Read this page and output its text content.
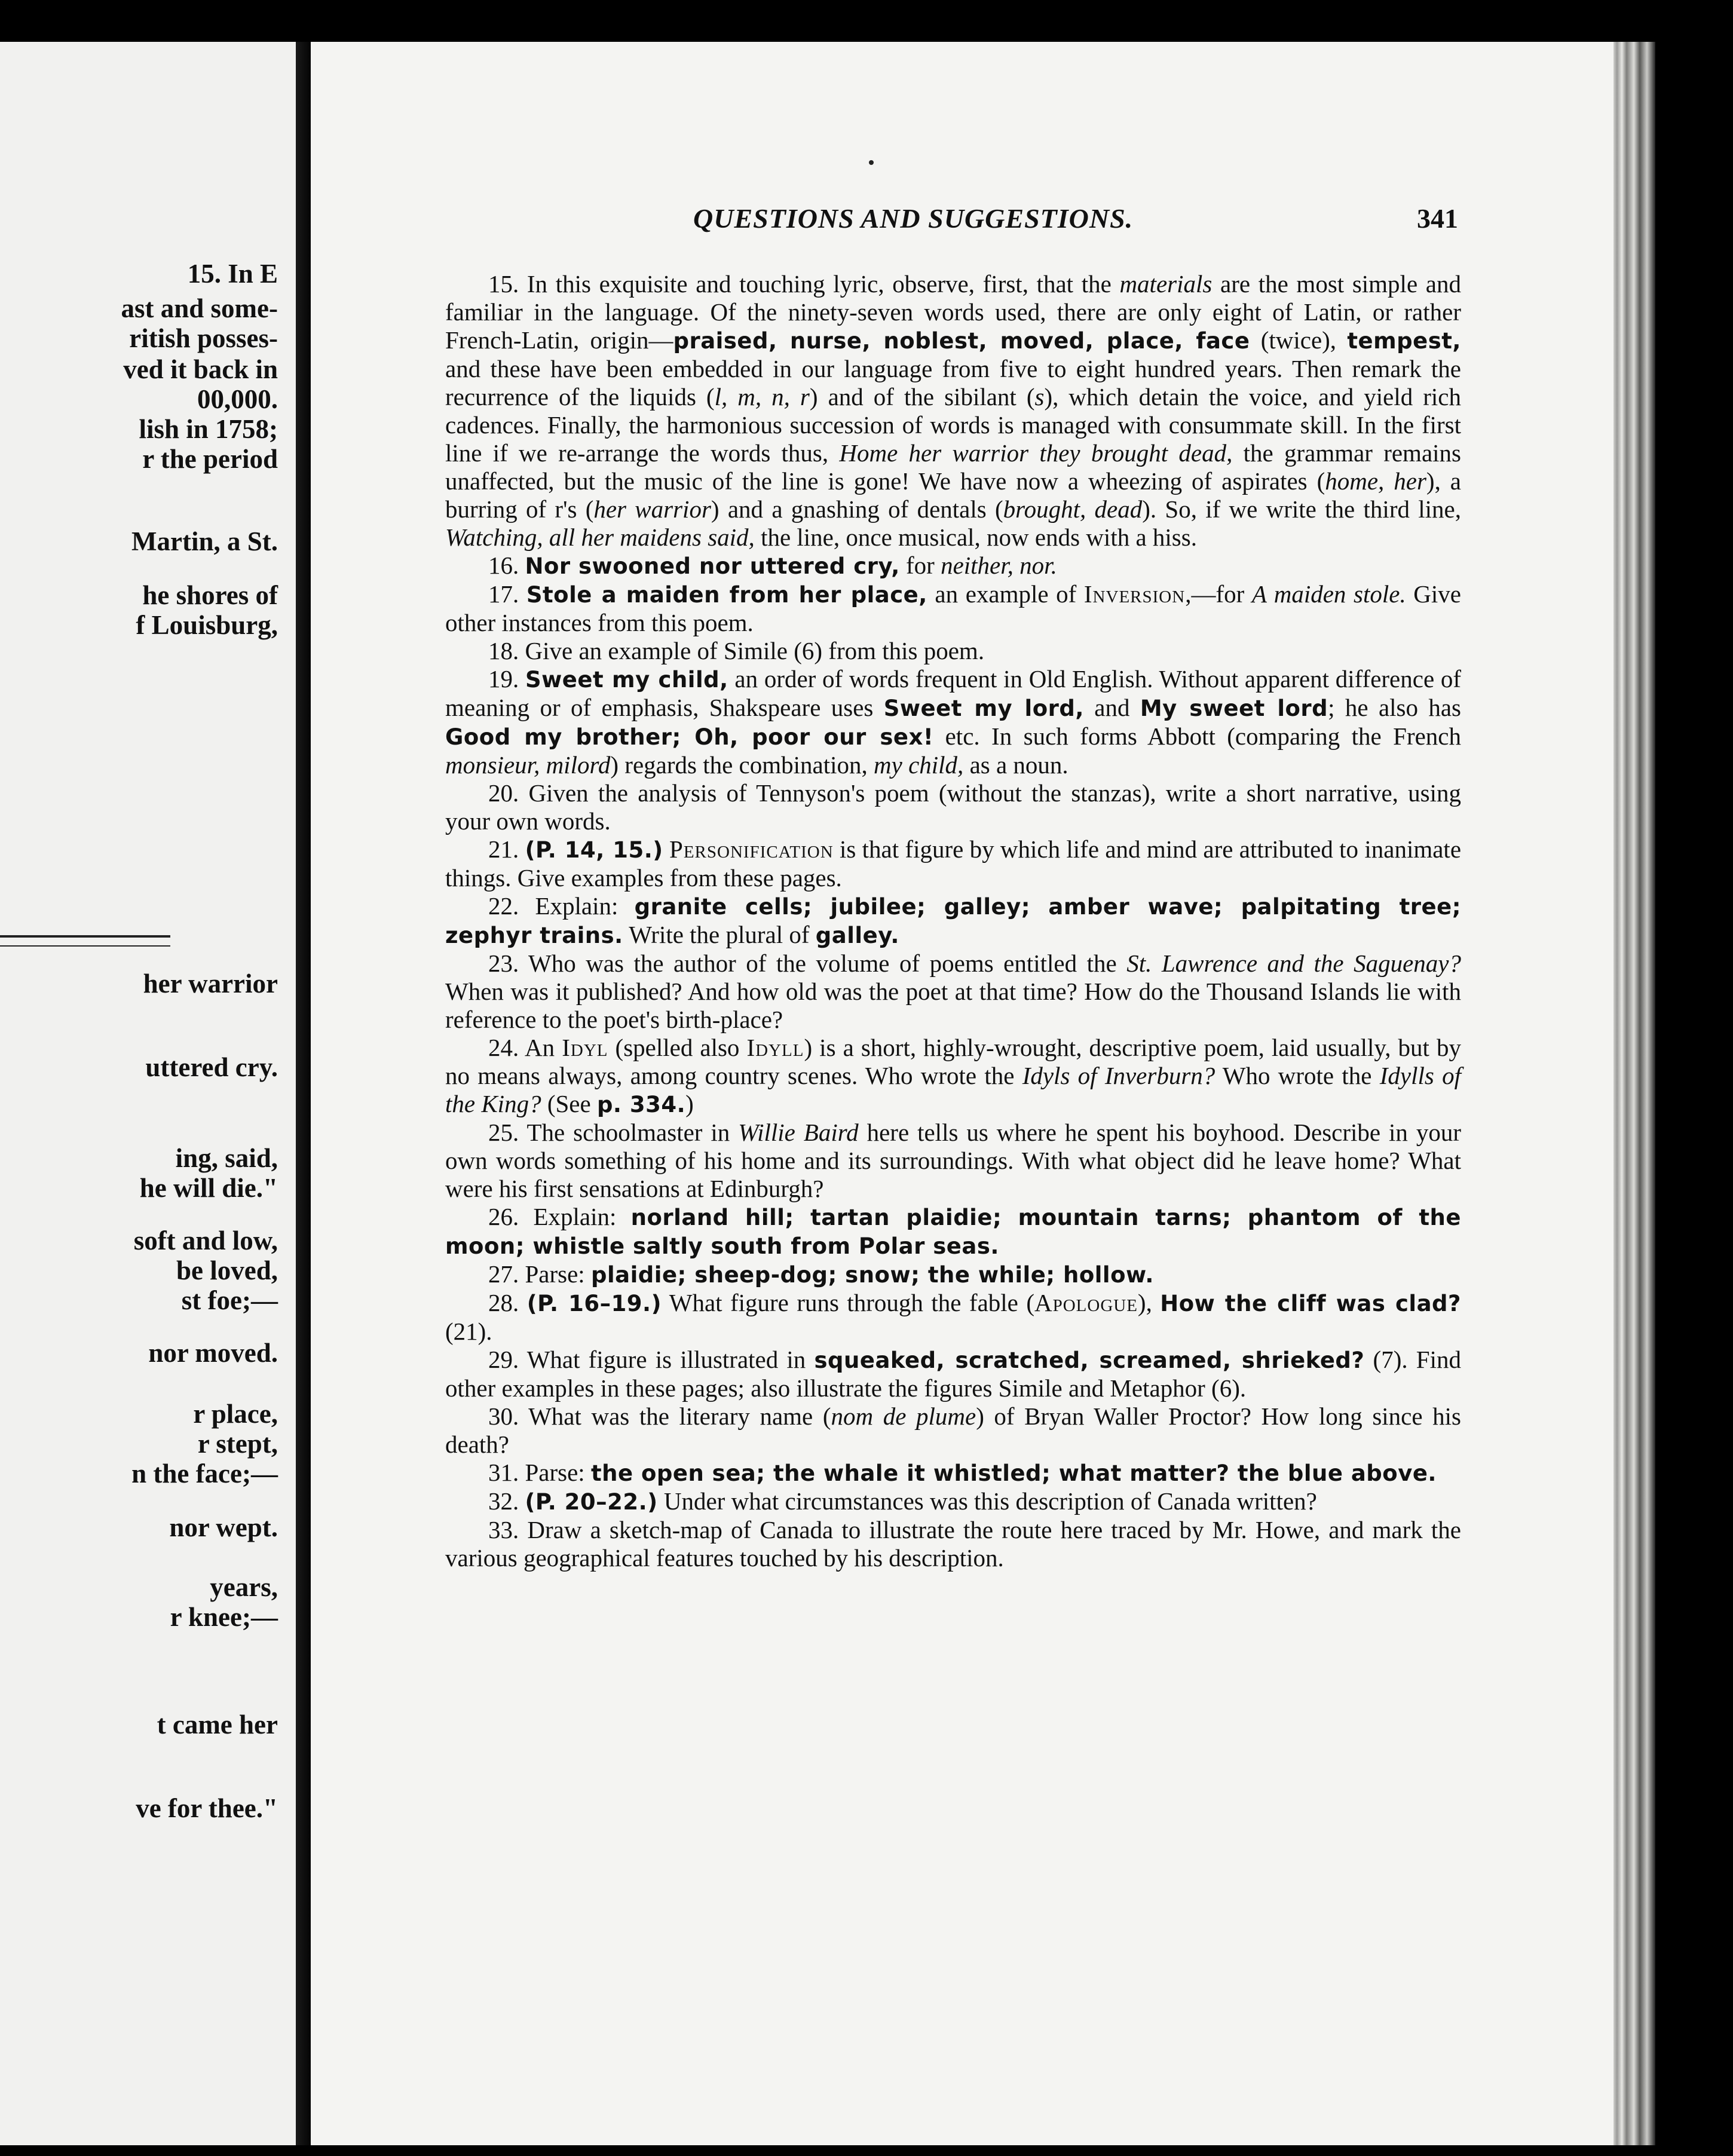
15. In E
ast and some-
ritish posses-
ved it back in
00,000.
lish in 1758;
r the period
Martin, a St.
he shores of
f Louisburg,
her warrior
uttered cry.
ing, said,
he will die."
soft and low,
be loved,
st foe;—
nor moved.
r place,
r stept,
n the face;—
nor wept.
years,
r knee;—
t came her
ve for thee."
QUESTIONS AND SUGGESTIONS.	341

15. In this exquisite and touching lyric, observe, first, that the materials are the most simple and familiar in the language. Of the ninety-seven words used, there are only eight of Latin, or rather French-Latin, origin—praised, nurse, noblest, moved, place, face (twice), tempest, and these have been embedded in our language from five to eight hundred years. Then remark the recurrence of the liquids (l, m, n, r) and of the sibilant (s), which detain the voice, and yield rich cadences. Finally, the harmonious succession of words is managed with consummate skill. In the first line if we re-arrange the words thus, Home her warrior they brought dead, the grammar remains unaffected, but the music of the line is gone! We have now a wheezing of aspirates (home, her), a burring of r's (her warrior) and a gnashing of dentals (brought, dead). So, if we write the third line, Watching, all her maidens said, the line, once musical, now ends with a hiss.

16. Nor swooned nor uttered cry, for neither, nor.

17. Stole a maiden from her place, an example of Inversion,—for A maiden stole. Give other instances from this poem.

18. Give an example of Simile (6) from this poem.

19. Sweet my child, an order of words frequent in Old English. Without apparent difference of meaning or of emphasis, Shakspeare uses Sweet my lord, and My sweet lord; he also has Good my brother; Oh, poor our sex! etc. In such forms Abbott (comparing the French monsieur, milord) regards the combination, my child, as a noun.

20. Given the analysis of Tennyson's poem (without the stanzas), write a short narrative, using your own words.

21. (P. 14, 15.) Personification is that figure by which life and mind are attributed to inanimate things. Give examples from these pages.

22. Explain: granite cells; jubilee; galley; amber wave; palpitating tree; zephyr trains. Write the plural of galley.

23. Who was the author of the volume of poems entitled the St. Lawrence and the Saguenay? When was it published? And how old was the poet at that time? How do the Thousand Islands lie with reference to the poet's birth-place?

24. An Idyl (spelled also Idyll) is a short, highly-wrought, descriptive poem, laid usually, but by no means always, among country scenes. Who wrote the Idyls of Inverburn? Who wrote the Idylls of the King? (See p. 334.)

25. The schoolmaster in Willie Baird here tells us where he spent his boyhood. Describe in your own words something of his home and its surroundings. With what object did he leave home? What were his first sensations at Edinburgh?

26. Explain: norland hill; tartan plaidie; mountain tarns; phantom of the moon; whistle saltly south from Polar seas.

27. Parse: plaidie; sheep-dog; snow; the while; hollow.

28. (P. 16–19.) What figure runs through the fable (Apologue), How the cliff was clad? (21).

29. What figure is illustrated in squeaked, scratched, screamed, shrieked? (7). Find other examples in these pages; also illustrate the figures Simile and Metaphor (6).

30. What was the literary name (nom de plume) of Bryan Waller Proctor? How long since his death?

31. Parse: the open sea; the whale it whistled; what matter? the blue above.

32. (P. 20–22.) Under what circumstances was this description of Canada written?

33. Draw a sketch-map of Canada to illustrate the route here traced by Mr. Howe, and mark the various geographical features touched by his description.
